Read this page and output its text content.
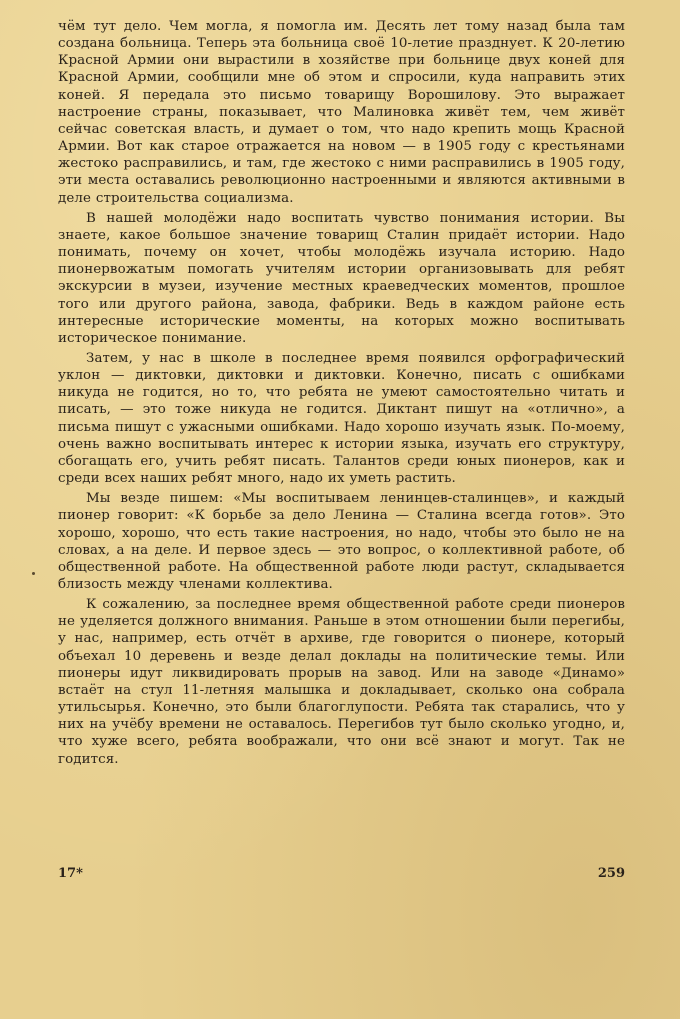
чём тут дело. Чем могла, я помогла им. Десять лет тому назад была там создана больница. Теперь эта больница своё 10-летие празднует. К 20-летию Красной Армии они вырастили в хозяйстве при больнице двух коней для Красной Армии, сообщили мне об этом и спросили, куда направить этих коней. Я передала это письмо товарищу Ворошилову. Это выражает настроение страны, показывает, что Малиновка живёт тем, чем живёт сейчас советская власть, и думает о том, что надо крепить мощь Красной Армии. Вот как старое отражается на новом — в 1905 году с крестьянами жестоко расправились, и там, где жестоко с ними расправились в 1905 году, эти места оставались революционно настроенными и являются активными в деле строительства социализма.

В нашей молодёжи надо воспитать чувство понимания истории. Вы знаете, какое большое значение товарищ Сталин придаёт истории. Надо понимать, почему он хочет, чтобы молодёжь изучала историю. Надо пионервожатым помогать учителям истории организовывать для ребят экскурсии в музеи, изучение местных краеведческих моментов, прошлое того или другого района, завода, фабрики. Ведь в каждом районе есть интересные исторические моменты, на которых можно воспитывать историческое понимание.

Затем, у нас в школе в последнее время появился орфографический уклон — диктовки, диктовки и диктовки. Конечно, писать с ошибками никуда не годится, но то, что ребята не умеют самостоятельно читать и писать, — это тоже никуда не годится. Диктант пишут на «отлично», а письма пишут с ужасными ошибками. Надо хорошо изучать язык. По-моему, очень важно воспитывать интерес к истории языка, изучать его структуру, сбогащать его, учить ребят писать. Талантов среди юных пионеров, как и среди всех наших ребят много, надо их уметь растить.

Мы везде пишем: «Мы воспитываем ленинцев-сталинцев», и каждый пионер говорит: «К борьбе за дело Ленина — Сталина всегда готов». Это хорошо, хорошо, что есть такие настроения, но надо, чтобы это было не на словах, а на деле. И первое здесь — это вопрос, о коллективной работе, об общественной работе. На общественной работе люди растут, складывается близость между членами коллектива.

К сожалению, за последнее время общественной работе среди пионеров не уделяется должного внимания. Раньше в этом отношении были перегибы, у нас, например, есть отчёт в архиве, где говорится о пионере, который объехал 10 деревень и везде делал доклады на политические темы. Или пионеры идут ликвидировать прорыв на завод. Или на заводе «Динамо» встаёт на стул 11-летняя малышка и докладывает, сколько она собрала утильсырья. Конечно, это были благоглупости. Ребята так старались, что у них на учёбу времени не оставалось. Перегибов тут было сколько угодно, и, что хуже всего, ребята воображали, что они всё знают и могут. Так не годится.

17*	259
